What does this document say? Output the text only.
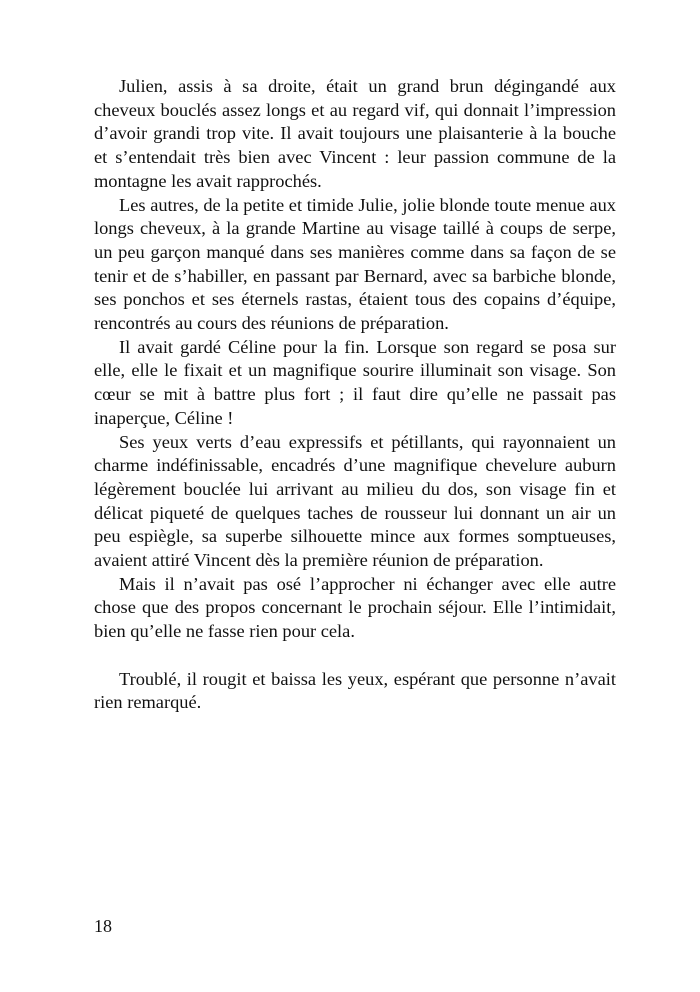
Julien, assis à sa droite, était un grand brun dégingandé aux cheveux bouclés assez longs et au regard vif, qui donnait l’impression d’avoir grandi trop vite. Il avait toujours une plaisanterie à la bouche et s’entendait très bien avec Vincent : leur passion commune de la montagne les avait rapprochés.

Les autres, de la petite et timide Julie, jolie blonde toute menue aux longs cheveux, à la grande Martine au visage taillé à coups de serpe, un peu garçon manqué dans ses manières comme dans sa façon de se tenir et de s’habiller, en passant par Bernard, avec sa barbiche blonde, ses ponchos et ses éternels rastas, étaient tous des copains d’équipe, rencontrés au cours des réunions de préparation.

Il avait gardé Céline pour la fin. Lorsque son regard se posa sur elle, elle le fixait et un magnifique sourire illuminait son visage. Son cœur se mit à battre plus fort ; il faut dire qu’elle ne passait pas inaperçue, Céline !

Ses yeux verts d’eau expressifs et pétillants, qui rayonnaient un charme indéfinissable, encadrés d’une magnifique chevelure auburn légèrement bouclée lui arrivant au milieu du dos, son visage fin et délicat piqueté de quelques taches de rousseur lui donnant un air un peu espiègle, sa superbe silhouette mince aux formes somptueuses, avaient attiré Vincent dès la première réunion de préparation.

Mais il n’avait pas osé l’approcher ni échanger avec elle autre chose que des propos concernant le prochain séjour. Elle l’intimidait, bien qu’elle ne fasse rien pour cela.

Troublé, il rougit et baissa les yeux, espérant que personne n’avait rien remarqué.

18
